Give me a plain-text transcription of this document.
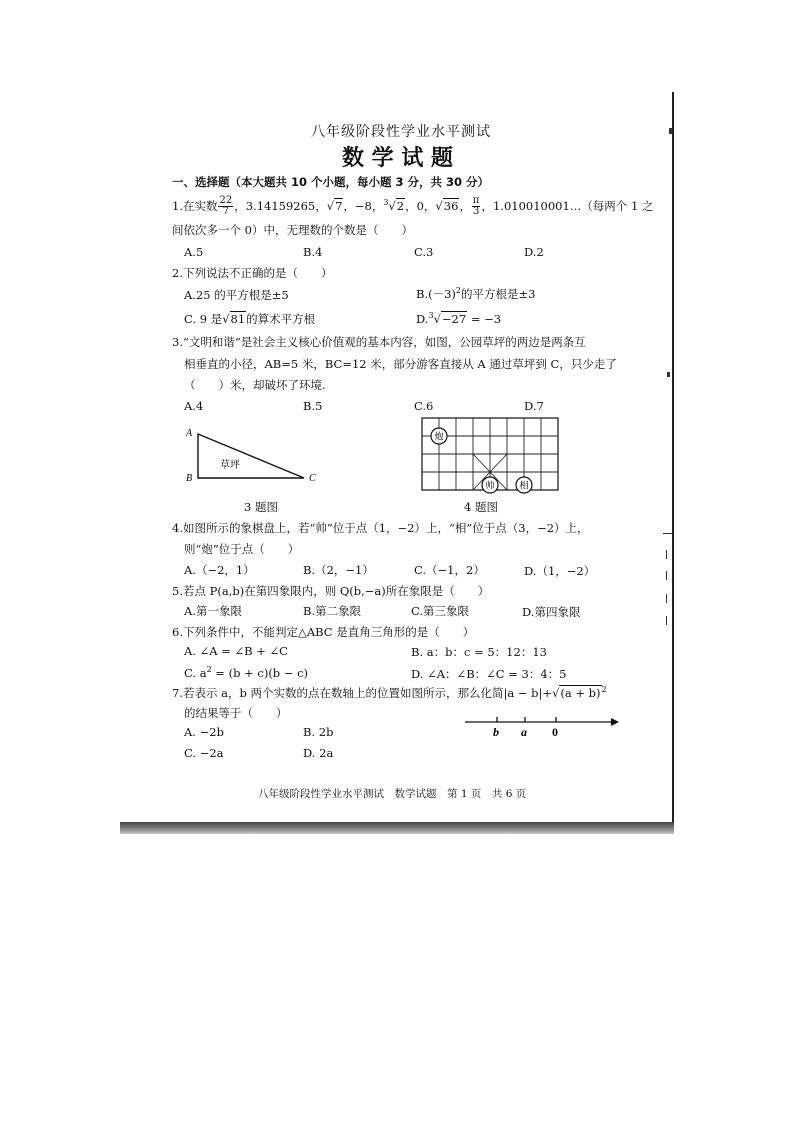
八年级阶段性学业水平测试
数 学 试 题
一、选择题（本大题共 10 个小题，每小题 3 分，共 30 分）
1.在实数 $\frac{22}{7}$ ，3.14159265，√7，−8，$^3$√2，0，√36， $\frac{\pi}{3}$ ，1.010010001…（每两个 1 之
间依次多一个 0）中，无理数的个数是（　　）
A.5	B.4	C.3	D.2
2.下列说法不正确的是（　　）
A.25 的平方根是±5	$B.(-3)^2$的平方根是±3
C. 9 是√81的算术平方根	D.$^3$√−27 = −3
3.“文明和谐”是社会主义核心价值观的基本内容，如图，公园草坪的两边是两条互
相垂直的小径，AB=5 米，BC=12 米，部分游客直接从 A 通过草坪到 C，只少走了
（　　）米，却破坏了环境.
A.4	B.5	C.6	D.7
A
B	C
草坪
3 题图
炮
帅	相
4 题图
4.如图所示的象棋盘上，若“帅”位于点（1，−2）上，“相”位于点（3，−2）上，
则“炮”位于点（　　）
A.（−2，1）	B.（2，−1）	C.（−1，2）	D.（1，−2）
5.若点 P(a,b)在第四象限内，则 Q(b,−a)所在象限是（　　）
A.第一象限	B.第二象限	C.第三象限	D.第四象限
6.下列条件中，不能判定△ABC 是直角三角形的是（　　）
A. ∠A = ∠B + ∠C	B. a：b：c = 5：12：13
C. $a^2 = (b + c)(b - c)$	D. ∠A：∠B：∠C = 3：4：5
7.若表示 a，b 两个实数的点在数轴上的位置如图所示，那么化简$|a - b|+√(a + b)^2$
的结果等于（　　）
A. −2b	B. 2b
C. −2a	D. 2a
b a 0
八年级阶段性学业水平测试　数学试题　第 1 页　共 6 页
